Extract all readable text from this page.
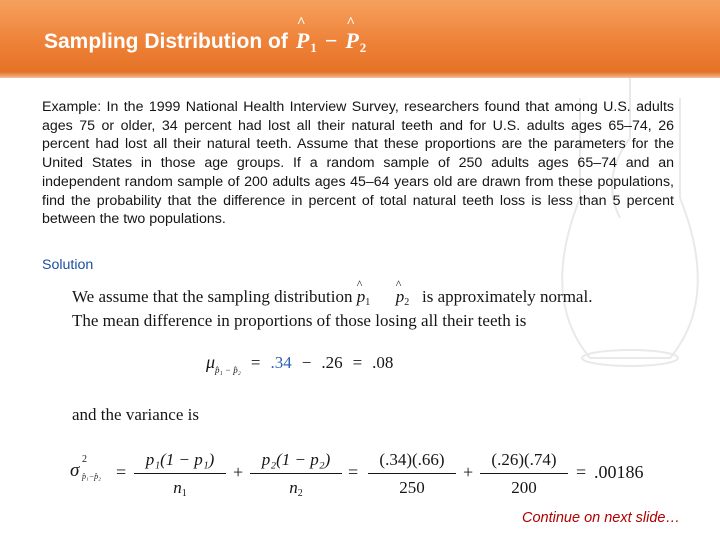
Sampling Distribution of ^ P 1 − ^ P 2

Example: In the 1999 National Health Interview Survey, researchers found that among U.S. adults ages 75 or older, 34 percent had lost all their natural teeth and for U.S. adults ages 65–74, 26 percent had lost all their natural teeth. Assume that these proportions are the parameters for the United States in those age groups. If a random sample of 250 adults ages 65–74 and an independent random sample of 200 adults ages 45–64 years old are drawn from these populations, find the probability that the difference in percent of total natural teeth loss is less than 5 percent between the two populations.

Solution
We assume that the sampling distribution ^ p1 ^ p2 is approximately normal.
The mean difference in proportions of those losing all their teeth is
μ p̂₁ − p̂₂ = .34 − .26 = .08
and the variance is
σ
2
p̂₁−p̂₂ =
p₁(1 − p₁)
n1
+
p₂(1 − p₂)
n2
=
(.34)(.66)
250
+
(.26)(.74)
200
= .00186
Continue on next slide…
